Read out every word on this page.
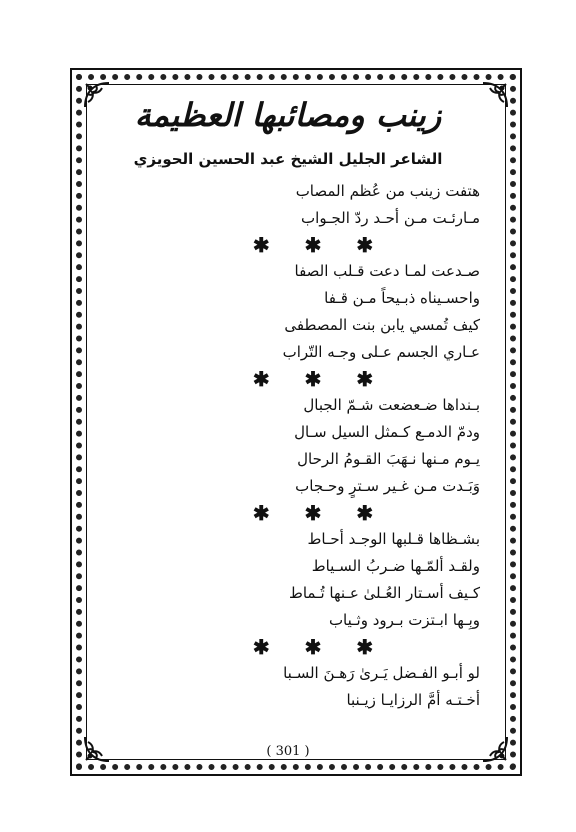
زينب ومصائبها العظيمة
الشاعر الجليل الشيخ عبد الحسين الحويزي
هتفت زينب من عُظم المصاب
مـارئـت مـن أحـد ردّ الجـواب
✱ ✱ ✱
صـدعت لمـا دعت قـلب الصفا
واحسـيناه ذبـيحاً مـن قـفا
كيف تُمسي يابن بنت المصطفى
عـاري الجسم عـلى وجـه التّراب
✱ ✱ ✱
بـنداها ضـعضعت شـمّ الجبال
ودمّ الدمـع كـمثل السيل سـال
يـوم مـنها نـهَبَ القـومُ الرحال
وَبَـدت مـن غـير سـترٍ وحـجاب
✱ ✱ ✱
بشـظاها قـلبها الوجـد أحـاط
ولقـد ألمّـها ضـربُ السـياط
كـيف أسـتار العُـلىٰ عـنها تُـماط
وبِـها ابـتزت بـرود وثـياب
✱ ✱ ✱
لو أبـو الفـضل يَـرىٰ رَهـنَ السـبا
أخـتـه أمَّ الرزايـا زيـنبا
( 301 )
